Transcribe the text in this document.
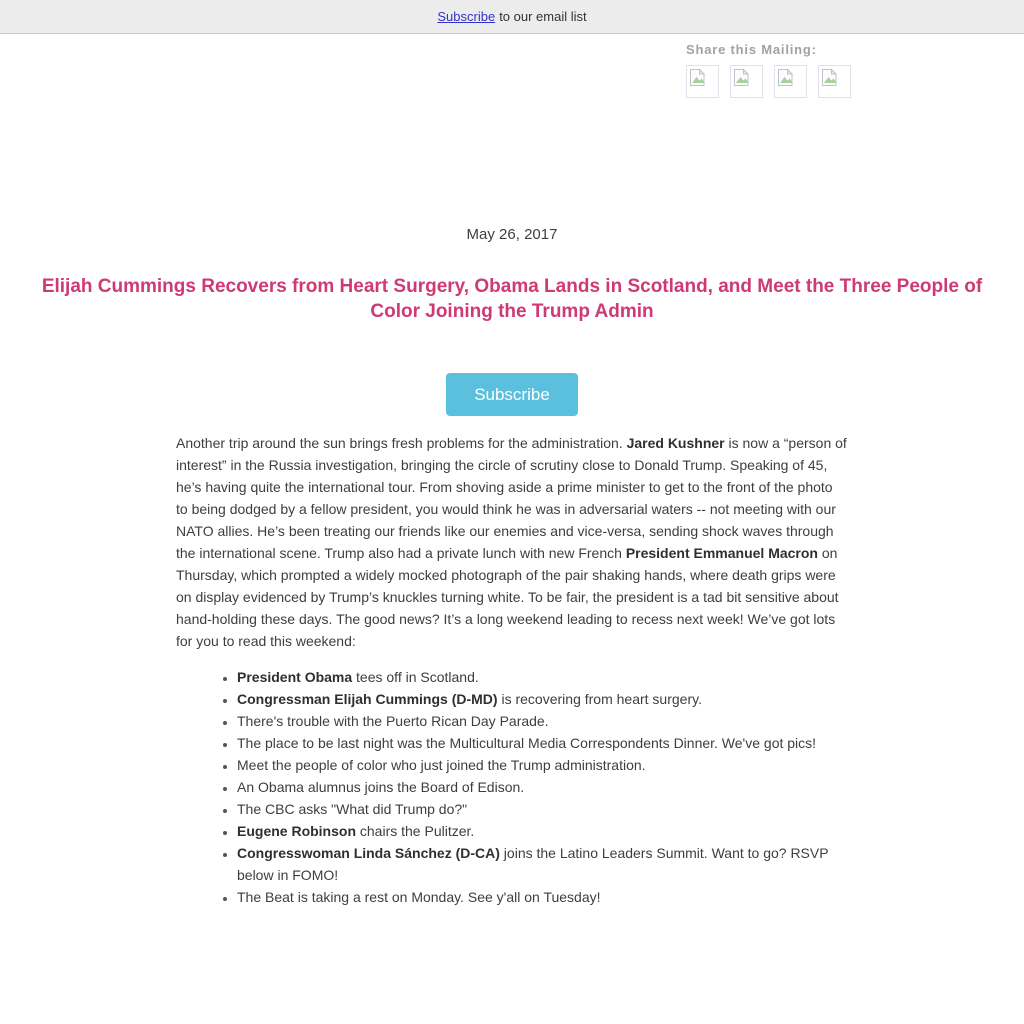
Subscribe to our email list
Share this Mailing:
May 26, 2017
Elijah Cummings Recovers from Heart Surgery, Obama Lands in Scotland, and Meet the Three People of Color Joining the Trump Admin
Subscribe
Another trip around the sun brings fresh problems for the administration. Jared Kushner is now a “person of interest” in the Russia investigation, bringing the circle of scrutiny close to Donald Trump. Speaking of 45, he’s having quite the international tour. From shoving aside a prime minister to get to the front of the photo to being dodged by a fellow president, you would think he was in adversarial waters -- not meeting with our NATO allies. He’s been treating our friends like our enemies and vice-versa, sending shock waves through the international scene. Trump also had a private lunch with new French President Emmanuel Macron on Thursday, which prompted a widely mocked photograph of the pair shaking hands, where death grips were on display evidenced by Trump’s knuckles turning white. To be fair, the president is a tad bit sensitive about hand-holding these days. The good news? It’s a long weekend leading to recess next week! We’ve got lots for you to read this weekend:
• President Obama tees off in Scotland.
• Congressman Elijah Cummings (D-MD) is recovering from heart surgery.
• There's trouble with the Puerto Rican Day Parade.
• The place to be last night was the Multicultural Media Correspondents Dinner. We've got pics!
• Meet the people of color who just joined the Trump administration.
• An Obama alumnus joins the Board of Edison.
• The CBC asks "What did Trump do?"
• Eugene Robinson chairs the Pulitzer.
• Congresswoman Linda Sánchez (D-CA) joins the Latino Leaders Summit. Want to go? RSVP below in FOMO!
• The Beat is taking a rest on Monday. See y'all on Tuesday!
